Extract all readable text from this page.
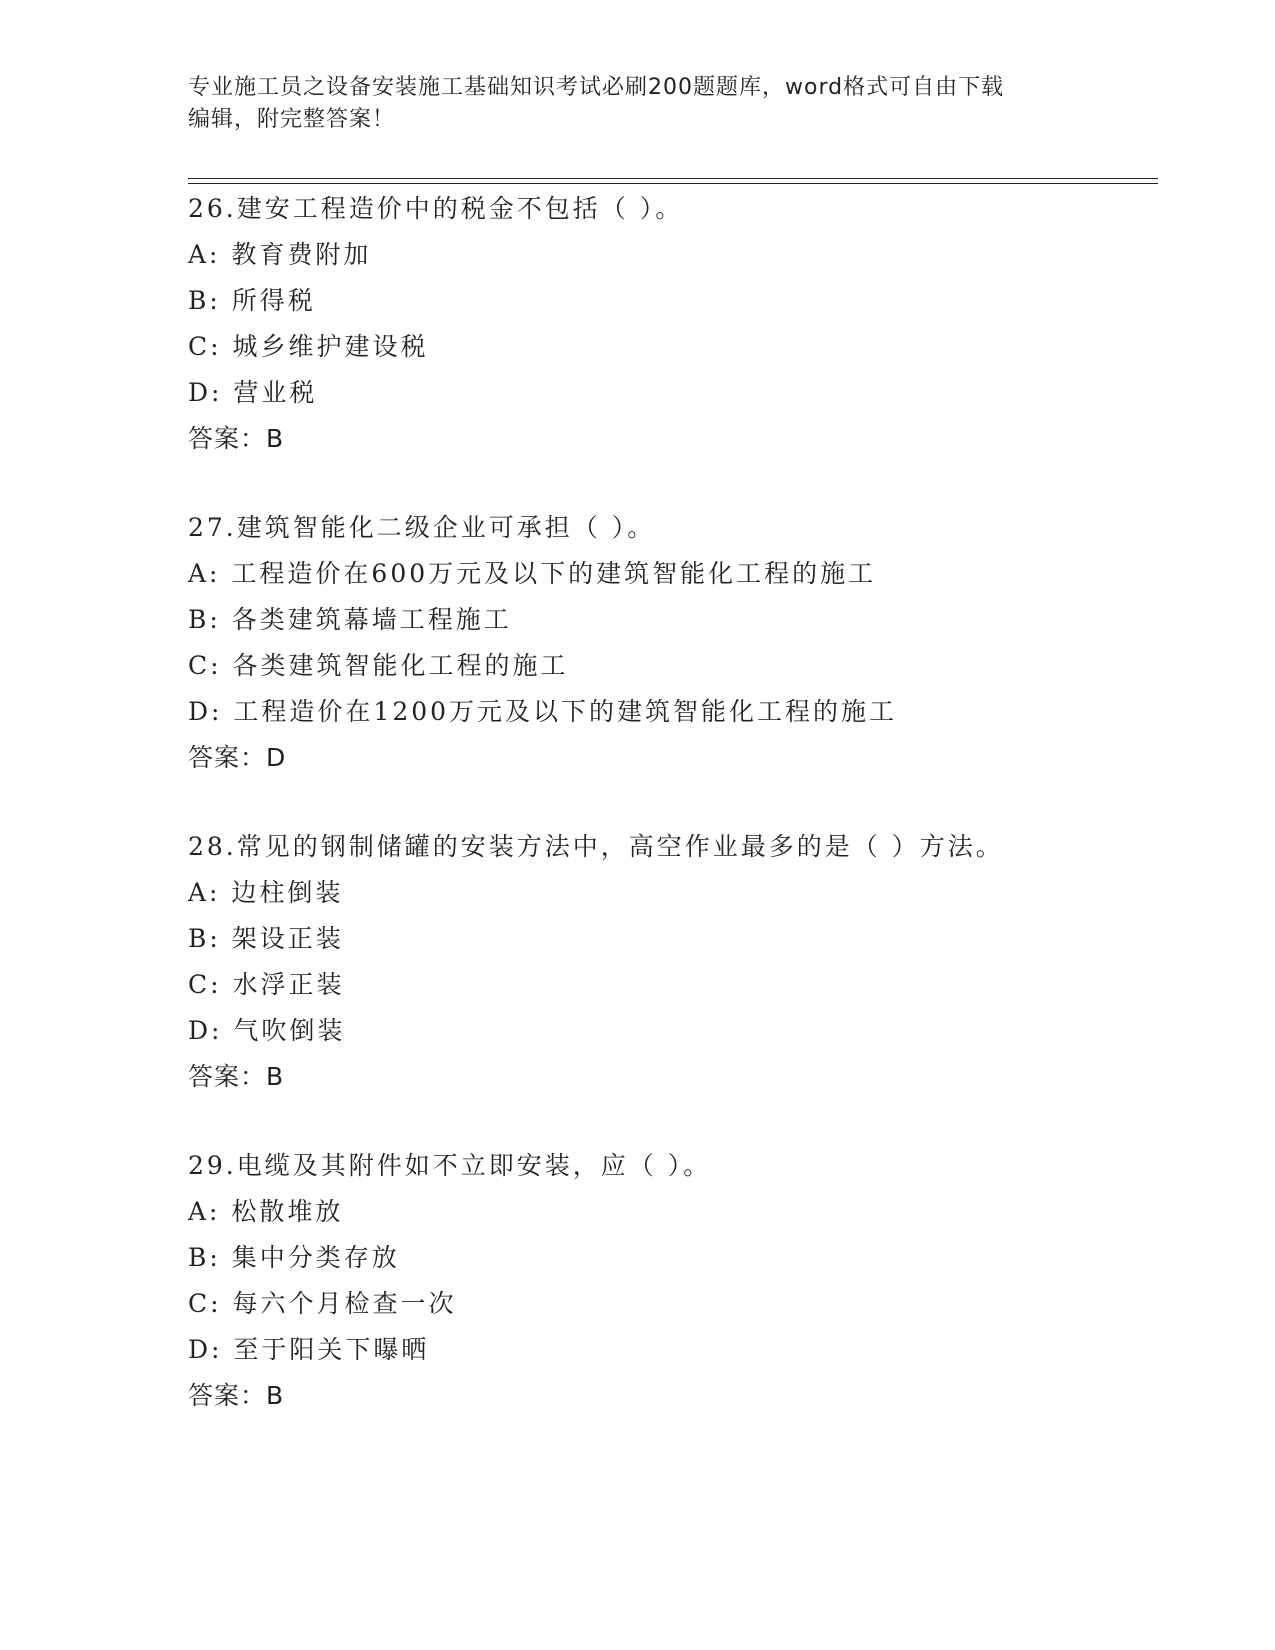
专业施工员之设备安装施工基础知识考试必刷200题题库，word格式可自由下载
编辑，附完整答案！
26.建安工程造价中的税金不包括（ ）。
A: 教育费附加
B: 所得税
C: 城乡维护建设税
D: 营业税
答案：B
27.建筑智能化二级企业可承担（ ）。
A: 工程造价在600万元及以下的建筑智能化工程的施工
B: 各类建筑幕墙工程施工
C: 各类建筑智能化工程的施工
D: 工程造价在1200万元及以下的建筑智能化工程的施工
答案：D
28.常见的钢制储罐的安装方法中，高空作业最多的是（ ）方法。
A: 边柱倒装
B: 架设正装
C: 水浮正装
D: 气吹倒装
答案：B
29.电缆及其附件如不立即安装，应（ ）。
A: 松散堆放
B: 集中分类存放
C: 每六个月检查一次
D: 至于阳关下曝晒
答案：B
